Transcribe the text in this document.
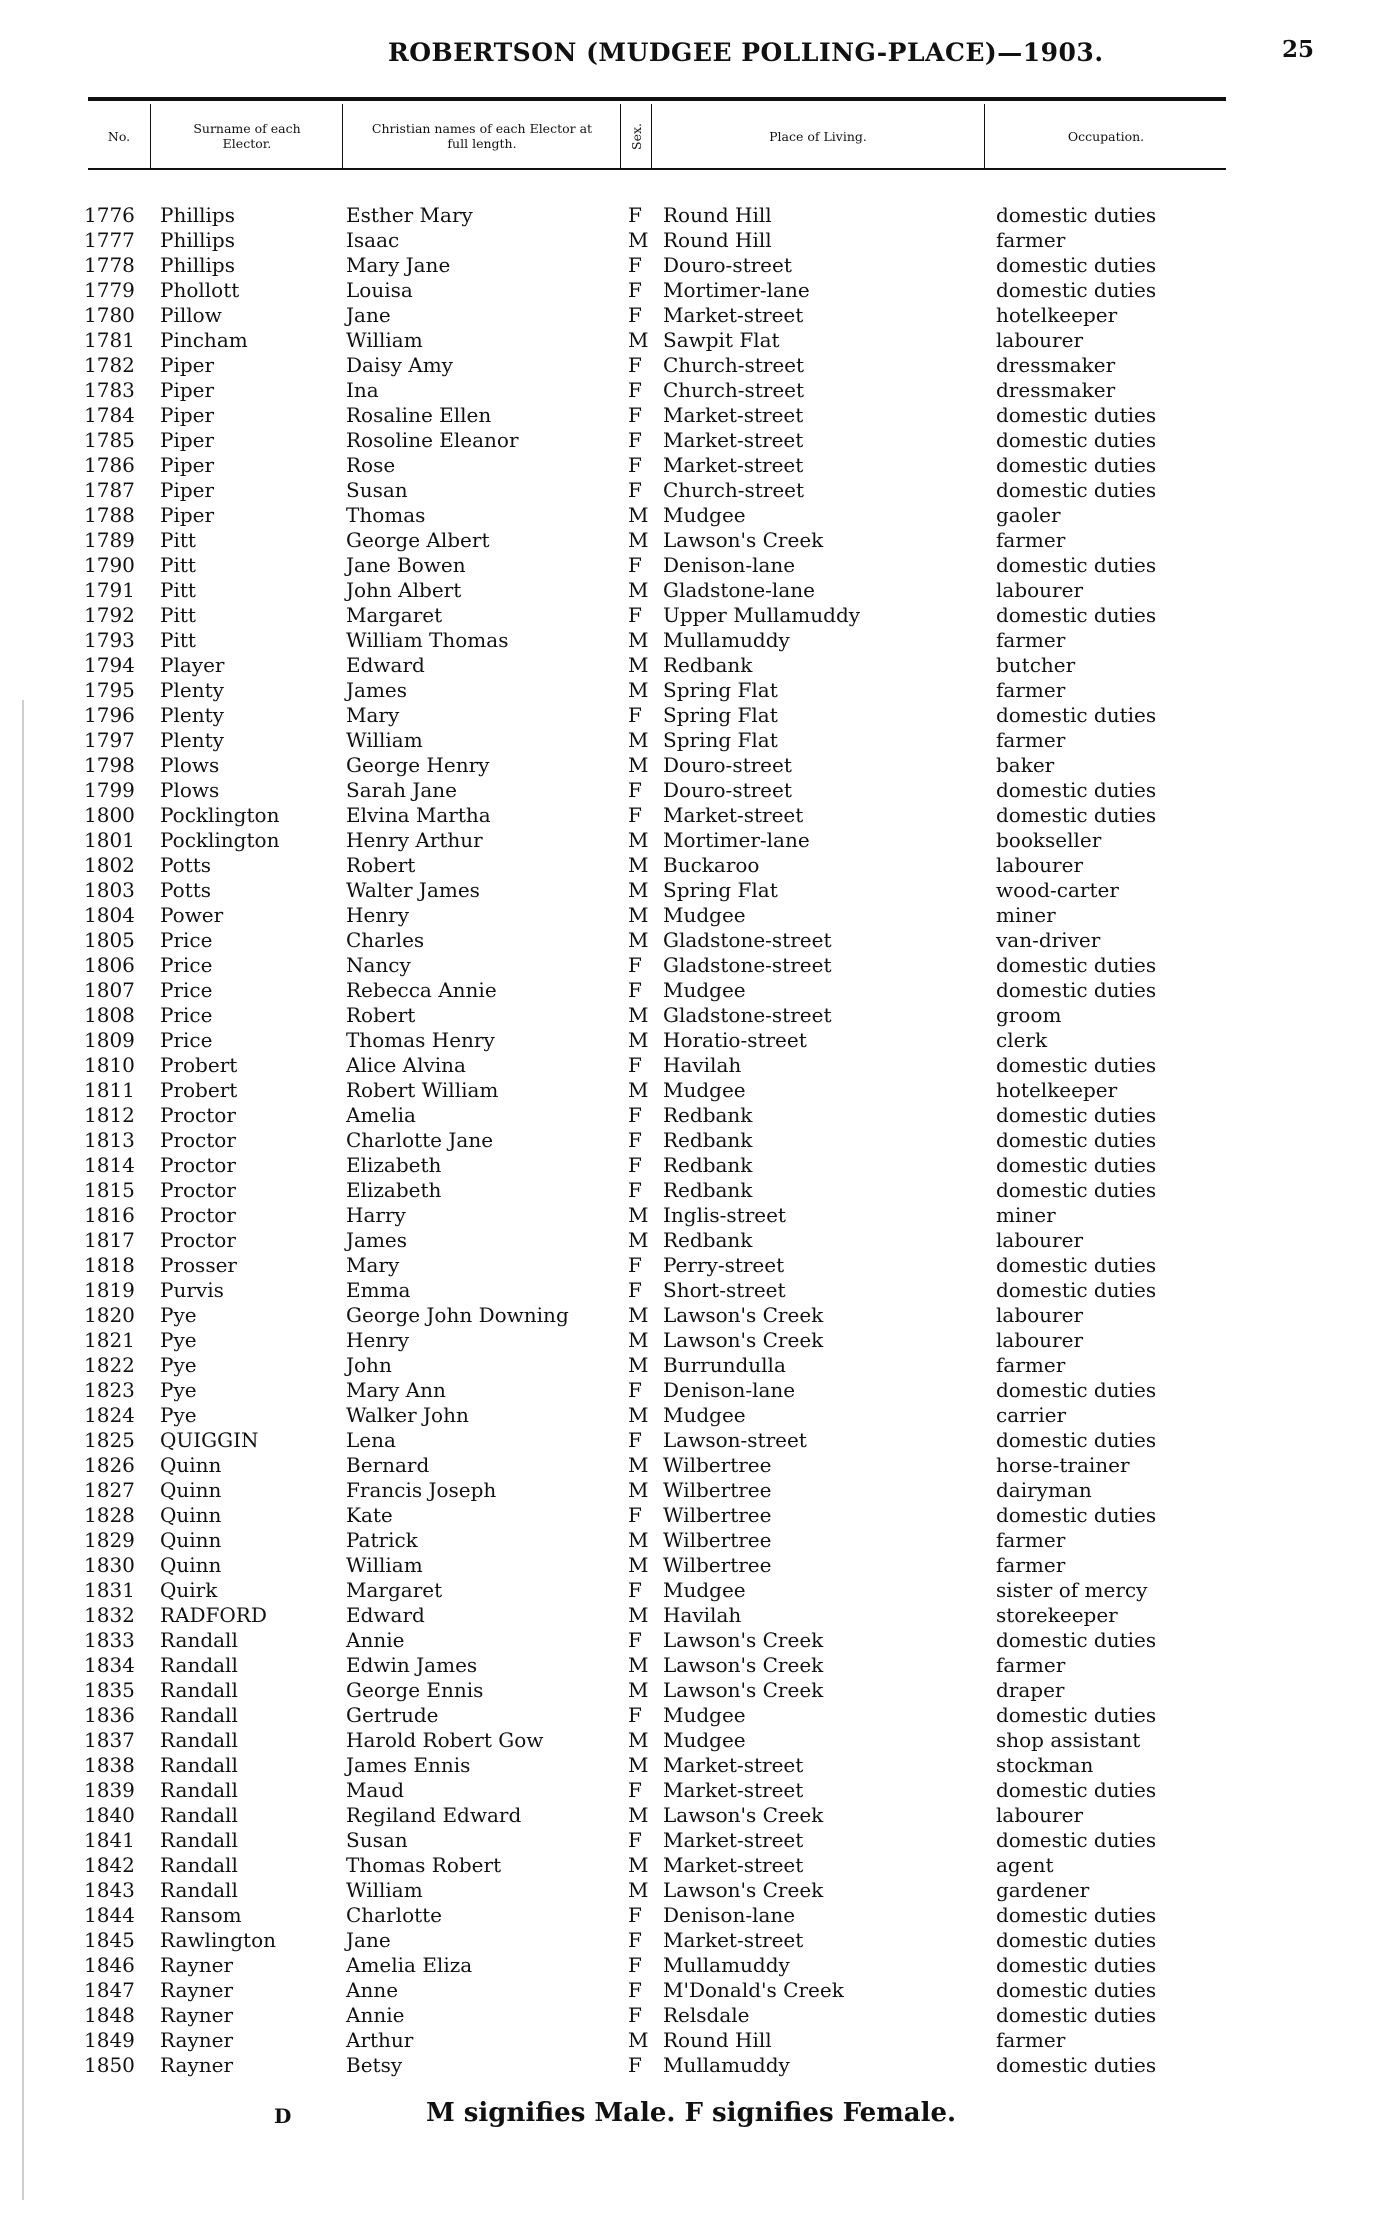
ROBERTSON (MUDGEE POLLING-PLACE)—1903.	25
No.	Surname of each Elector.
Christian names of each Elector at full length.	Sex.	Place of Living.	Occupation.
1776 Phillips	Esther Mary	F Round Hill	domestic duties
1777 Phillips	Isaac	M Round Hill	farmer
1778 Phillips	Mary Jane	F Douro-street	domestic duties
1779 Phollott	Louisa	F Mortimer-lane	domestic duties
1780 Pillow	Jane	F Market-street	hotelkeeper
1781 Pincham	William	M Sawpit Flat	labourer
1782 Piper	Daisy Amy	F Church-street	dressmaker
1783 Piper	Ina	F Church-street	dressmaker
1784 Piper	Rosaline Ellen	F Market-street	domestic duties
1785 Piper	Rosoline Eleanor	F Market-street	domestic duties
1786 Piper	Rose	F Market-street	domestic duties
1787 Piper	Susan	F Church-street	domestic duties
1788 Piper	Thomas	M Mudgee	gaoler
1789 Pitt	George Albert	M Lawson's Creek	farmer
1790 Pitt	Jane Bowen	F Denison-lane	domestic duties
1791 Pitt	John Albert	M Gladstone-lane	labourer
1792 Pitt	Margaret	F Upper Mullamuddy	domestic duties
1793 Pitt	William Thomas	M Mullamuddy	farmer
1794 Player	Edward	M Redbank	butcher
1795 Plenty	James	M Spring Flat	farmer
1796 Plenty	Mary	F Spring Flat	domestic duties
1797 Plenty	William	M Spring Flat	farmer
1798 Plows	George Henry	M Douro-street	baker
1799 Plows	Sarah Jane	F Douro-street	domestic duties
1800 Pocklington	Elvina Martha	F Market-street	domestic duties
1801 Pocklington	Henry Arthur	M Mortimer-lane	bookseller
1802 Potts	Robert	M Buckaroo	labourer
1803 Potts	Walter James	M Spring Flat	wood-carter
1804 Power	Henry	M Mudgee	miner
1805 Price	Charles	M Gladstone-street	van-driver
1806 Price	Nancy	F Gladstone-street	domestic duties
1807 Price	Rebecca Annie	F Mudgee	domestic duties
1808 Price	Robert	M Gladstone-street	groom
1809 Price	Thomas Henry	M Horatio-street	clerk
1810 Probert	Alice Alvina	F Havilah	domestic duties
1811 Probert	Robert William	M Mudgee	hotelkeeper
1812 Proctor	Amelia	F Redbank	domestic duties
1813 Proctor	Charlotte Jane	F Redbank	domestic duties
1814 Proctor	Elizabeth	F Redbank	domestic duties
1815 Proctor	Elizabeth	F Redbank	domestic duties
1816 Proctor	Harry	M Inglis-street	miner
1817 Proctor	James	M Redbank	labourer
1818 Prosser	Mary	F Perry-street	domestic duties
1819 Purvis	Emma	F Short-street	domestic duties
1820 Pye	George John Downing	M Lawson's Creek	labourer
1821 Pye	Henry	M Lawson's Creek	labourer
1822 Pye	John	M Burrundulla	farmer
1823 Pye	Mary Ann	F Denison-lane	domestic duties
1824 Pye	Walker John	M Mudgee	carrier
1825 QUIGGIN	Lena	F Lawson-street	domestic duties
1826 Quinn	Bernard	M Wilbertree	horse-trainer
1827 Quinn	Francis Joseph	M Wilbertree	dairyman
1828 Quinn	Kate	F Wilbertree	domestic duties
1829 Quinn	Patrick	M Wilbertree	farmer
1830 Quinn	William	M Wilbertree	farmer
1831 Quirk	Margaret	F Mudgee	sister of mercy
1832 RADFORD	Edward	M Havilah	storekeeper
1833 Randall	Annie	F Lawson's Creek	domestic duties
1834 Randall	Edwin James	M Lawson's Creek	farmer
1835 Randall	George Ennis	M Lawson's Creek	draper
1836 Randall	Gertrude	F Mudgee	domestic duties
1837 Randall	Harold Robert Gow	M Mudgee	shop assistant
1838 Randall	James Ennis	M Market-street	stockman
1839 Randall	Maud	F Market-street	domestic duties
1840 Randall	Regiland Edward	M Lawson's Creek	labourer
1841 Randall	Susan	F Market-street	domestic duties
1842 Randall	Thomas Robert	M Market-street	agent
1843 Randall	William	M Lawson's Creek	gardener
1844 Ransom	Charlotte	F Denison-lane	domestic duties
1845 Rawlington	Jane	F Market-street	domestic duties
1846 Rayner	Amelia Eliza	F Mullamuddy	domestic duties
1847 Rayner	Anne	F M'Donald's Creek	domestic duties
1848 Rayner	Annie	F Relsdale	domestic duties
1849 Rayner	Arthur	M Round Hill	farmer
1850 Rayner	Betsy	F Mullamuddy	domestic duties
D	M signifies Male. F signifies Female.
